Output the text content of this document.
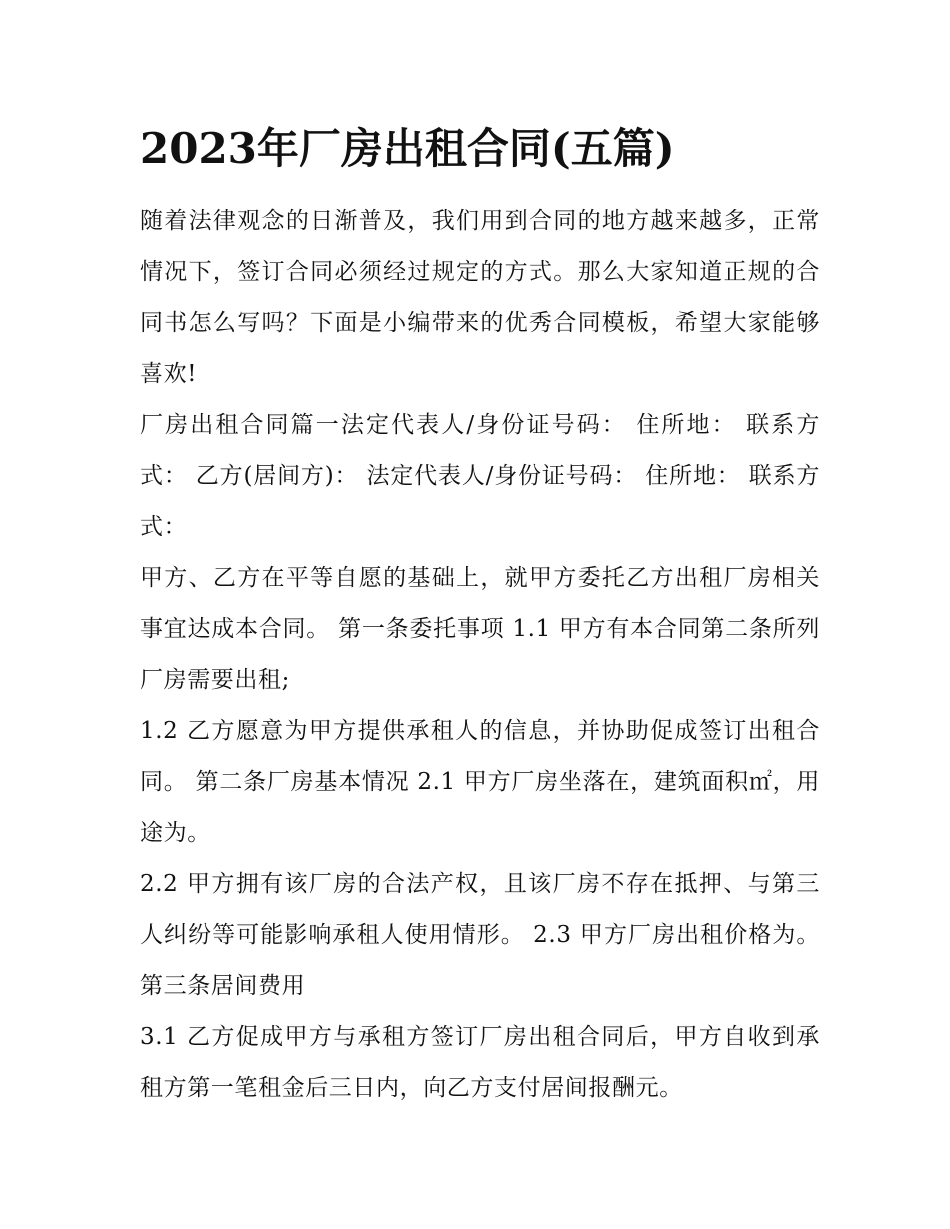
2023年厂房出租合同(五篇)

随着法律观念的日渐普及，我们用到合同的地方越来越多，正常情况下，签订合同必须经过规定的方式。那么大家知道正规的合同书怎么写吗？下面是小编带来的优秀合同模板，希望大家能够喜欢!

厂房出租合同篇一法定代表人/身份证号码： 住所地： 联系方式： 乙方(居间方)： 法定代表人/身份证号码： 住所地： 联系方式：

甲方、乙方在平等自愿的基础上，就甲方委托乙方出租厂房相关事宜达成本合同。 第一条委托事项 1.1 甲方有本合同第二条所列厂房需要出租;

1.2 乙方愿意为甲方提供承租人的信息，并协助促成签订出租合同。 第二条厂房基本情况 2.1 甲方厂房坐落在，建筑面积㎡，用途为。

2.2 甲方拥有该厂房的合法产权，且该厂房不存在抵押、与第三人纠纷等可能影响承租人使用情形。 2.3 甲方厂房出租价格为。 第三条居间费用

3.1 乙方促成甲方与承租方签订厂房出租合同后，甲方自收到承租方第一笔租金后三日内，向乙方支付居间报酬元。
